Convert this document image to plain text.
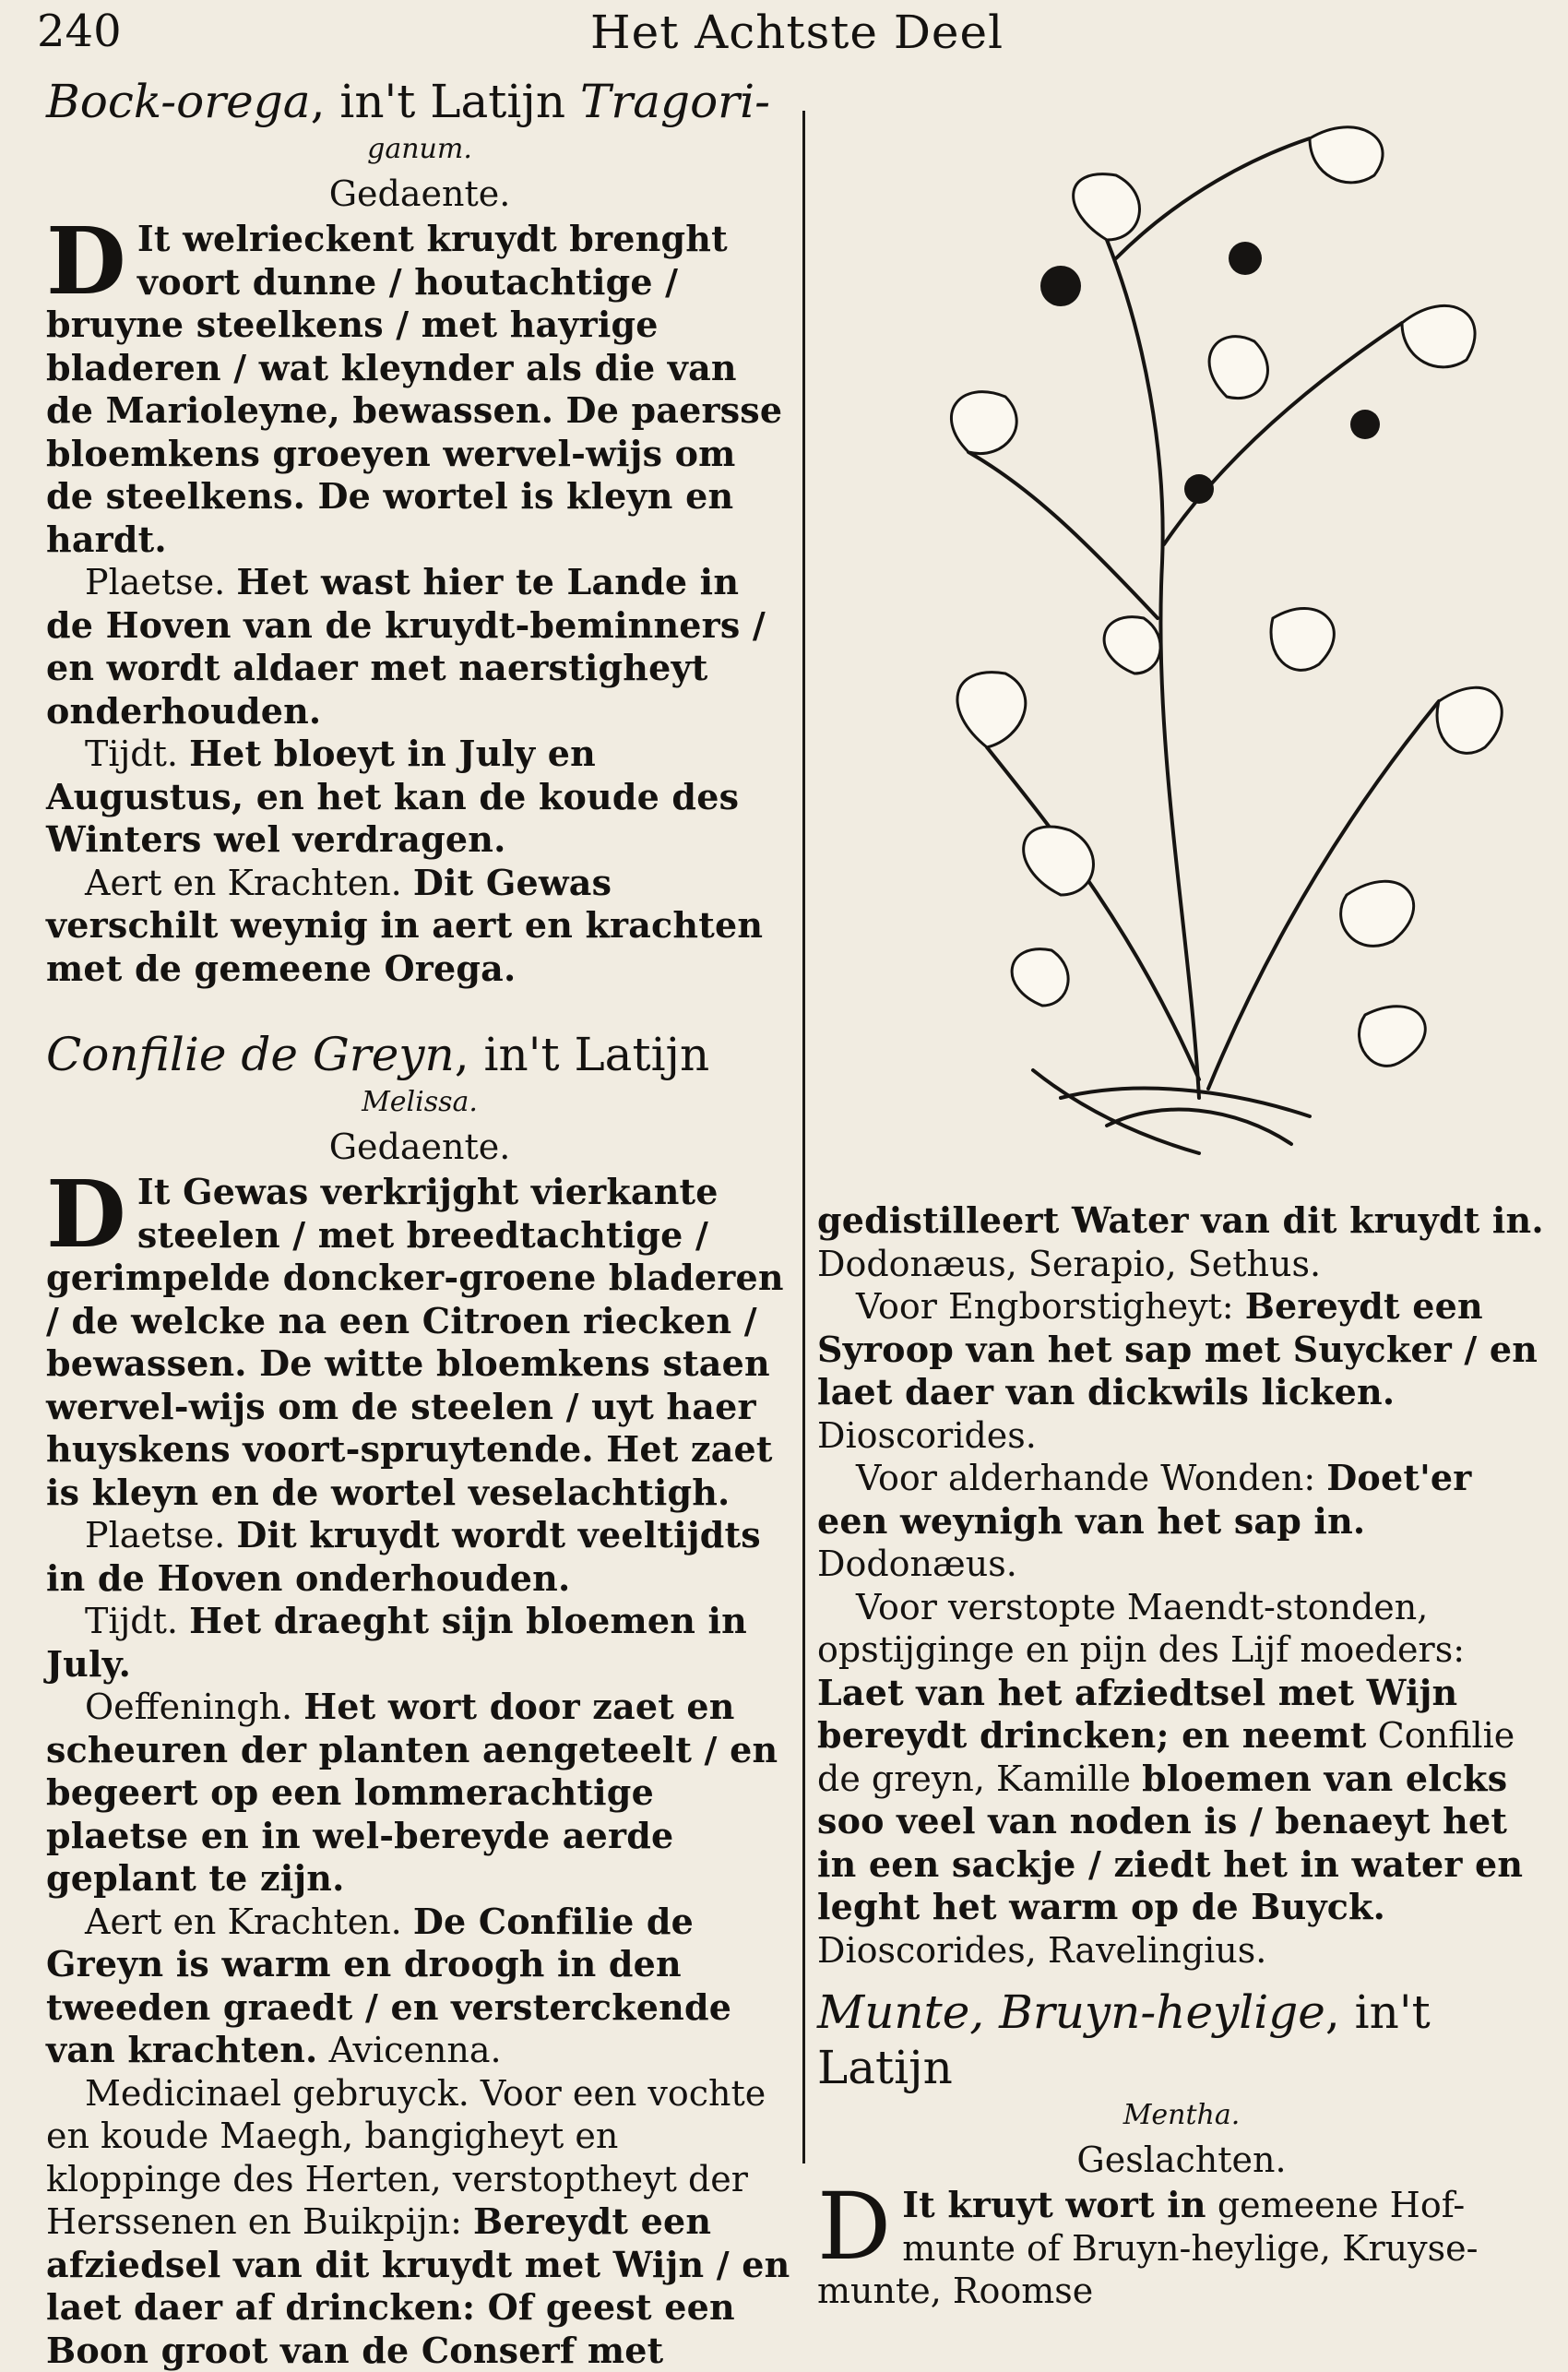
240	Het Achtste Deel

Bock-orega, in't Latijn Tragori-

ganum.

Gedaente.

D It welrieckent kruydt brenght voort dunne / houtachtige / bruyne steelkens / met hayrige bladeren / wat kleynder als die van de Marioleyne, bewassen. De paersse bloemkens groeyen wervel-wijs om de steelkens. De wortel is kleyn en hardt.

Plaetse. Het wast hier te Lande in de Hoven van de kruydt-beminners / en wordt aldaer met naerstigheyt onderhouden.

Tijdt. Het bloeyt in July en Augustus, en het kan de koude des Winters wel verdragen.

Aert en Krachten. Dit Gewas verschilt weynig in aert en krachten met de gemeene Orega.

Confilie de Greyn, in't Latijn

Melissa.

Gedaente.

D It Gewas verkrijght vierkante steelen / met breedtachtige / gerimpelde doncker-groene bladeren / de welcke na een Citroen riecken / bewassen. De witte bloemkens staen wervel-wijs om de steelen / uyt haer huyskens voort-spruytende. Het zaet is kleyn en de wortel veselachtigh.

Plaetse. Dit kruydt wordt veeltijdts in de Hoven onderhouden.

Tijdt. Het draeght sijn bloemen in July.

Oeffeningh. Het wort door zaet en scheuren der planten aengeteelt / en begeert op een lommerachtige plaetse en in wel-bereyde aerde geplant te zijn.

Aert en Krachten. De Confilie de Greyn is warm en droogh in den tweeden graedt / en versterckende van krachten. Avicenna.

Medicinael gebruyck. Voor een vochte en koude Maegh, bangigheyt en kloppinge des Herten, verstoptheyt der Herssenen en Buikpijn: Bereydt een afziedsel van dit kruydt met Wijn / en laet daer af drincken: Of geest een Boon groot van de Conserf met

gedistilleert Water van dit kruydt in. Dodonæus, Serapio, Sethus.

Voor Engborstigheyt: Bereydt een Syroop van het sap met Suycker / en laet daer van dickwils licken. Dioscorides.

Voor alderhande Wonden: Doet'er een weynigh van het sap in. Dodonæus.

Voor verstopte Maendt-stonden, opstijginge en pijn des Lijf moeders: Laet van het afziedtsel met Wijn bereydt drincken; en neemt Confilie de greyn, Kamille bloemen van elcks soo veel van noden is / benaeyt het in een sackje / ziedt het in water en leght het warm op de Buyck. Dioscorides, Ravelingius.

Munte, Bruyn-heylige, in't Latijn

Mentha.

Geslachten.

D It kruyt wort in gemeene Hof-munte of Bruyn-heylige, Kruyse-munte, Roomse
